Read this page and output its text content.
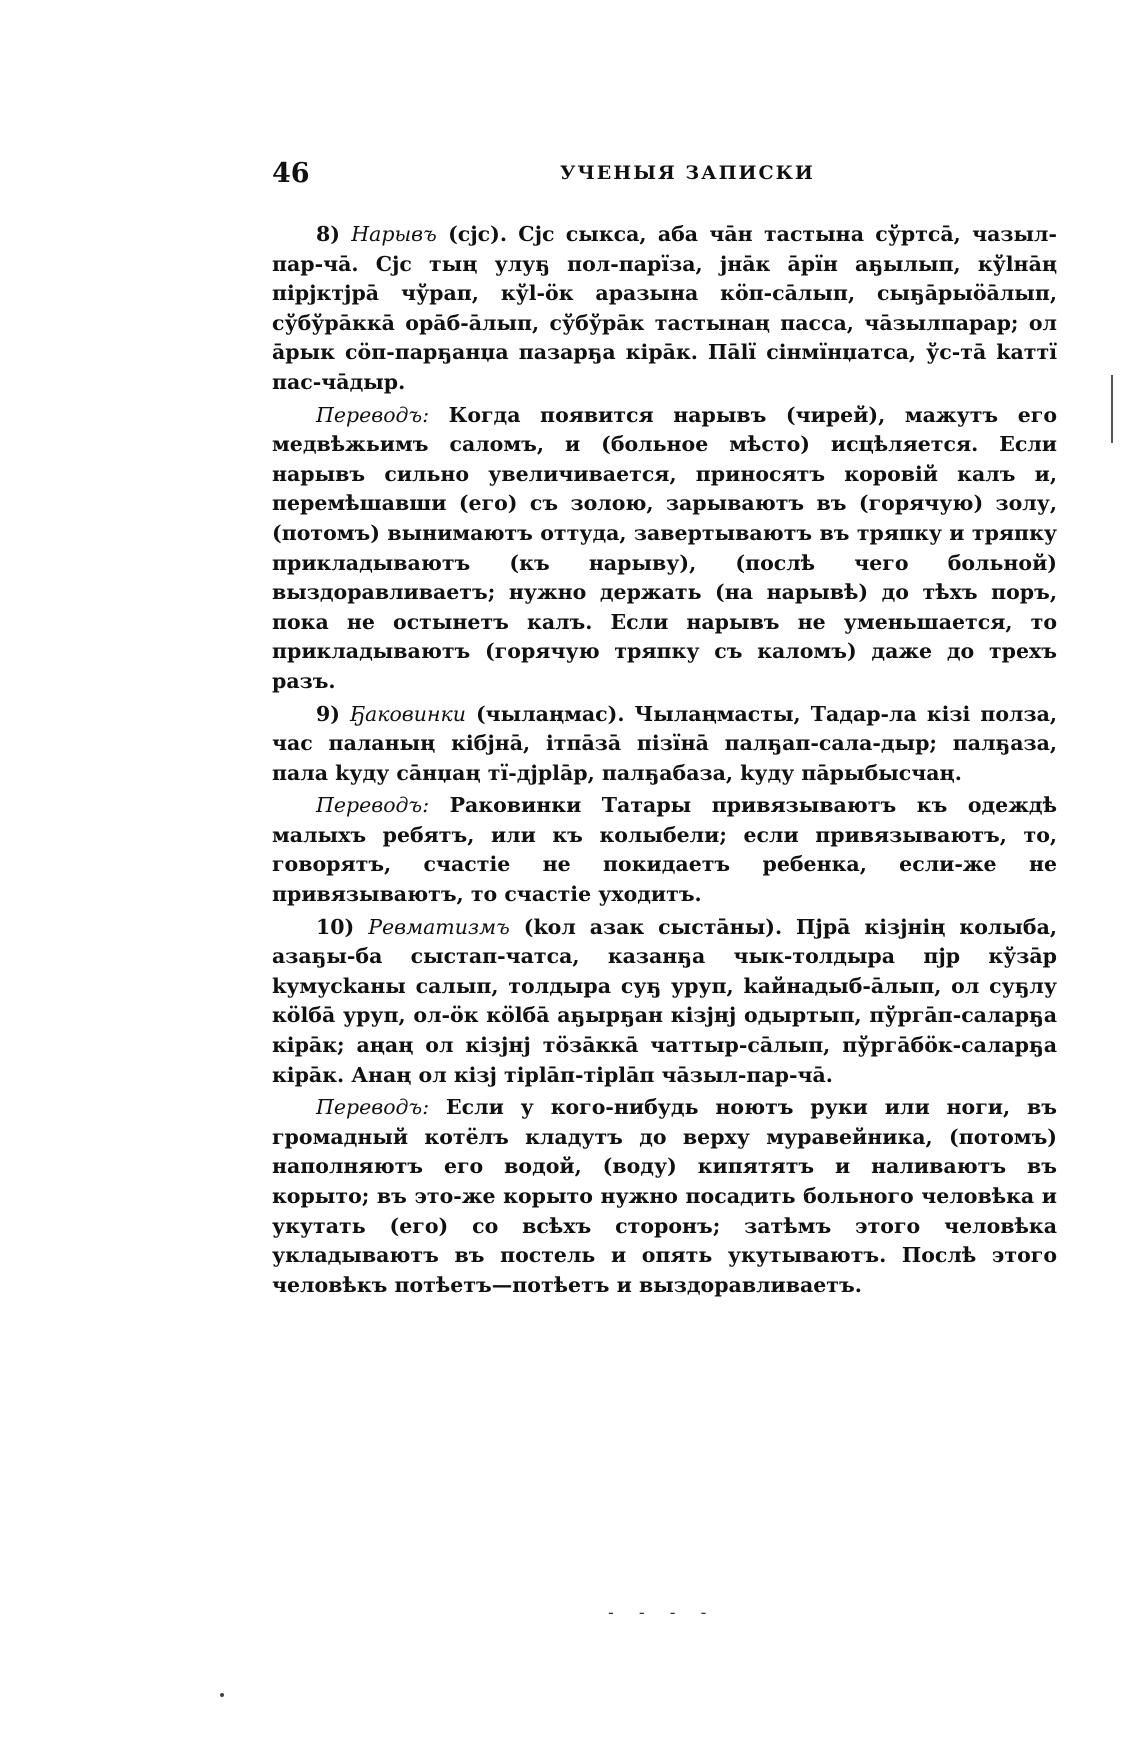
46	УЧЕНЫЯ ЗАПИСКИ

8) Нарывъ (сјс). Сјс сыкса, аба чāн тастына сўртсā, чазыл-пар-чā. Сјс тың улуҕ пол-парїза, јнāк āрїн аҕылып, кўlнāң пірјктјрā чўрап, кўl-öк аразына кöп-сāлып, сыҕāрыöāлып, сўбўрāккā орāб-āлып, сўбўрāк тастынаң пасса, чāзылпарар; ол āрык сöп-парҕанџа пазарҕа кірāк. Пālї сінмїнџатса, ўс-тā kаттї пас-чāдыр.

Переводъ: Когда появится нарывъ (чирей), мажутъ его медвѣжьимъ саломъ, и (больное мѣсто) исцѣляется. Если нарывъ сильно увеличивается, приносятъ коровій калъ и, перемѣшавши (его) съ золою, зарываютъ въ (горячую) золу, (потомъ) вынимаютъ оттуда, завертываютъ въ тряпку и тряпку прикладываютъ (къ нарыву), (послѣ чего больной) выздоравливаетъ; нужно держать (на нарывѣ) до тѣхъ поръ, пока не остынетъ калъ. Если нарывъ не уменьшается, то прикладываютъ (горячую тряпку съ каломъ) даже до трехъ разъ.

9) Ҕаковинки (чылаңмас). Чылаңмасты, Тадар-ла кізі полза, час паланың кібјнā, ітпāзā пізїнā палҕап-сала-дыр; палҕаза, пала kуду сāнџаң тї-дјрlāр, палҕабаза, kуду пāрыбысчаң.

Переводъ: Раковинки Татары привязываютъ къ одеждѣ малыхъ ребятъ, или къ колыбели; если привязываютъ, то, говорятъ, счастіе не покидаетъ ребенка, если-же не привязываютъ, то счастіе уходитъ.

10) Ревматизмъ (kол азак сыстāны). Пјрā кізјнің колыба, азаҕы-ба сыстап-чатса, казанҕа чык-толдыра пјр кўзāр kумусkаны салып, толдыра суҕ уруп, kайнадыб-āлып, ол суҕлу кölбā уруп, ол-öк кölбā аҕырҕан кізјнј одыртып, пўргāп-саларҕа кірāк; аңаң ол кізјнј тöзāккā чаттыр-сāлып, пўргāбöк-саларҕа кірāк. Анаң ол кізј тірlāп-тірlāп чāзыл-пар-чā.

Переводъ: Если у кого-нибудь ноютъ руки или ноги, въ громадный котёлъ кладутъ до верху муравейника, (потомъ) наполняютъ его водой, (воду) кипятятъ и наливаютъ въ корыто; въ это-же корыто нужно посадить больного человѣка и укутать (его) со всѣхъ сторонъ; затѣмъ этого человѣка укладываютъ въ постель и опять укутываютъ. Послѣ этого человѣкъ потѣетъ—потѣетъ и выздоравливаетъ.

- - - -
